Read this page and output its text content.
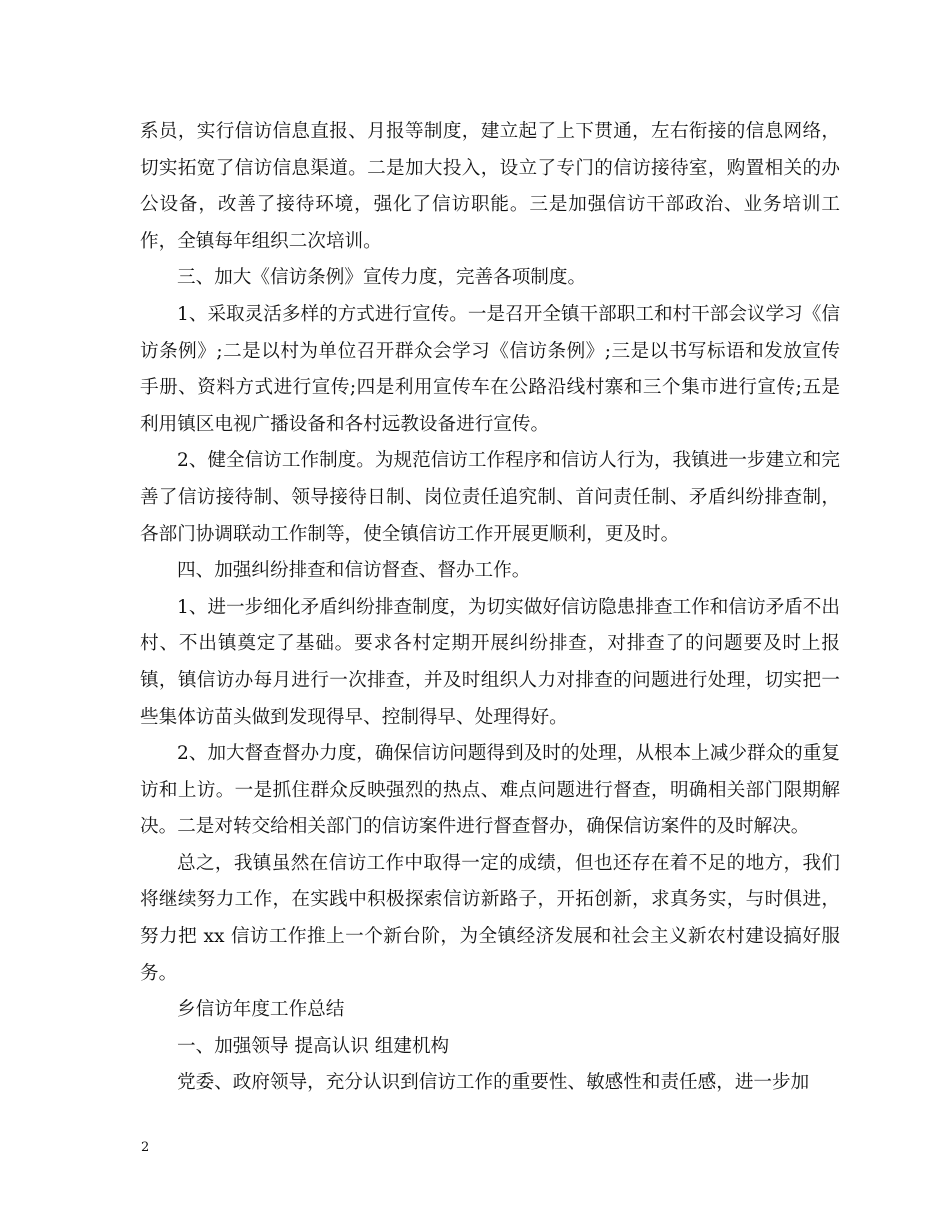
系员，实行信访信息直报、月报等制度，建立起了上下贯通，左右衔接的信息网络，切实拓宽了信访信息渠道。二是加大投入，设立了专门的信访接待室，购置相关的办公设备，改善了接待环境，强化了信访职能。三是加强信访干部政治、业务培训工作，全镇每年组织二次培训。

三、加大《信访条例》宣传力度，完善各项制度。

1、采取灵活多样的方式进行宣传。一是召开全镇干部职工和村干部会议学习《信访条例》;二是以村为单位召开群众会学习《信访条例》;三是以书写标语和发放宣传手册、资料方式进行宣传;四是利用宣传车在公路沿线村寨和三个集市进行宣传;五是利用镇区电视广播设备和各村远教设备进行宣传。

2、健全信访工作制度。为规范信访工作程序和信访人行为，我镇进一步建立和完善了信访接待制、领导接待日制、岗位责任追究制、首问责任制、矛盾纠纷排查制，各部门协调联动工作制等，使全镇信访工作开展更顺利，更及时。

四、加强纠纷排查和信访督查、督办工作。

1、进一步细化矛盾纠纷排查制度，为切实做好信访隐患排查工作和信访矛盾不出村、不出镇奠定了基础。要求各村定期开展纠纷排查，对排查了的问题要及时上报镇，镇信访办每月进行一次排查，并及时组织人力对排查的问题进行处理，切实把一些集体访苗头做到发现得早、控制得早、处理得好。

2、加大督查督办力度，确保信访问题得到及时的处理，从根本上减少群众的重复访和上访。一是抓住群众反映强烈的热点、难点问题进行督查，明确相关部门限期解决。二是对转交给相关部门的信访案件进行督查督办，确保信访案件的及时解决。

总之，我镇虽然在信访工作中取得一定的成绩，但也还存在着不足的地方，我们将继续努力工作，在实践中积极探索信访新路子，开拓创新，求真务实，与时俱进，努力把 xx 信访工作推上一个新台阶，为全镇经济发展和社会主义新农村建设搞好服务。

乡信访年度工作总结

一、加强领导 提高认识 组建机构

党委、政府领导，充分认识到信访工作的重要性、敏感性和责任感，进一步加

2
